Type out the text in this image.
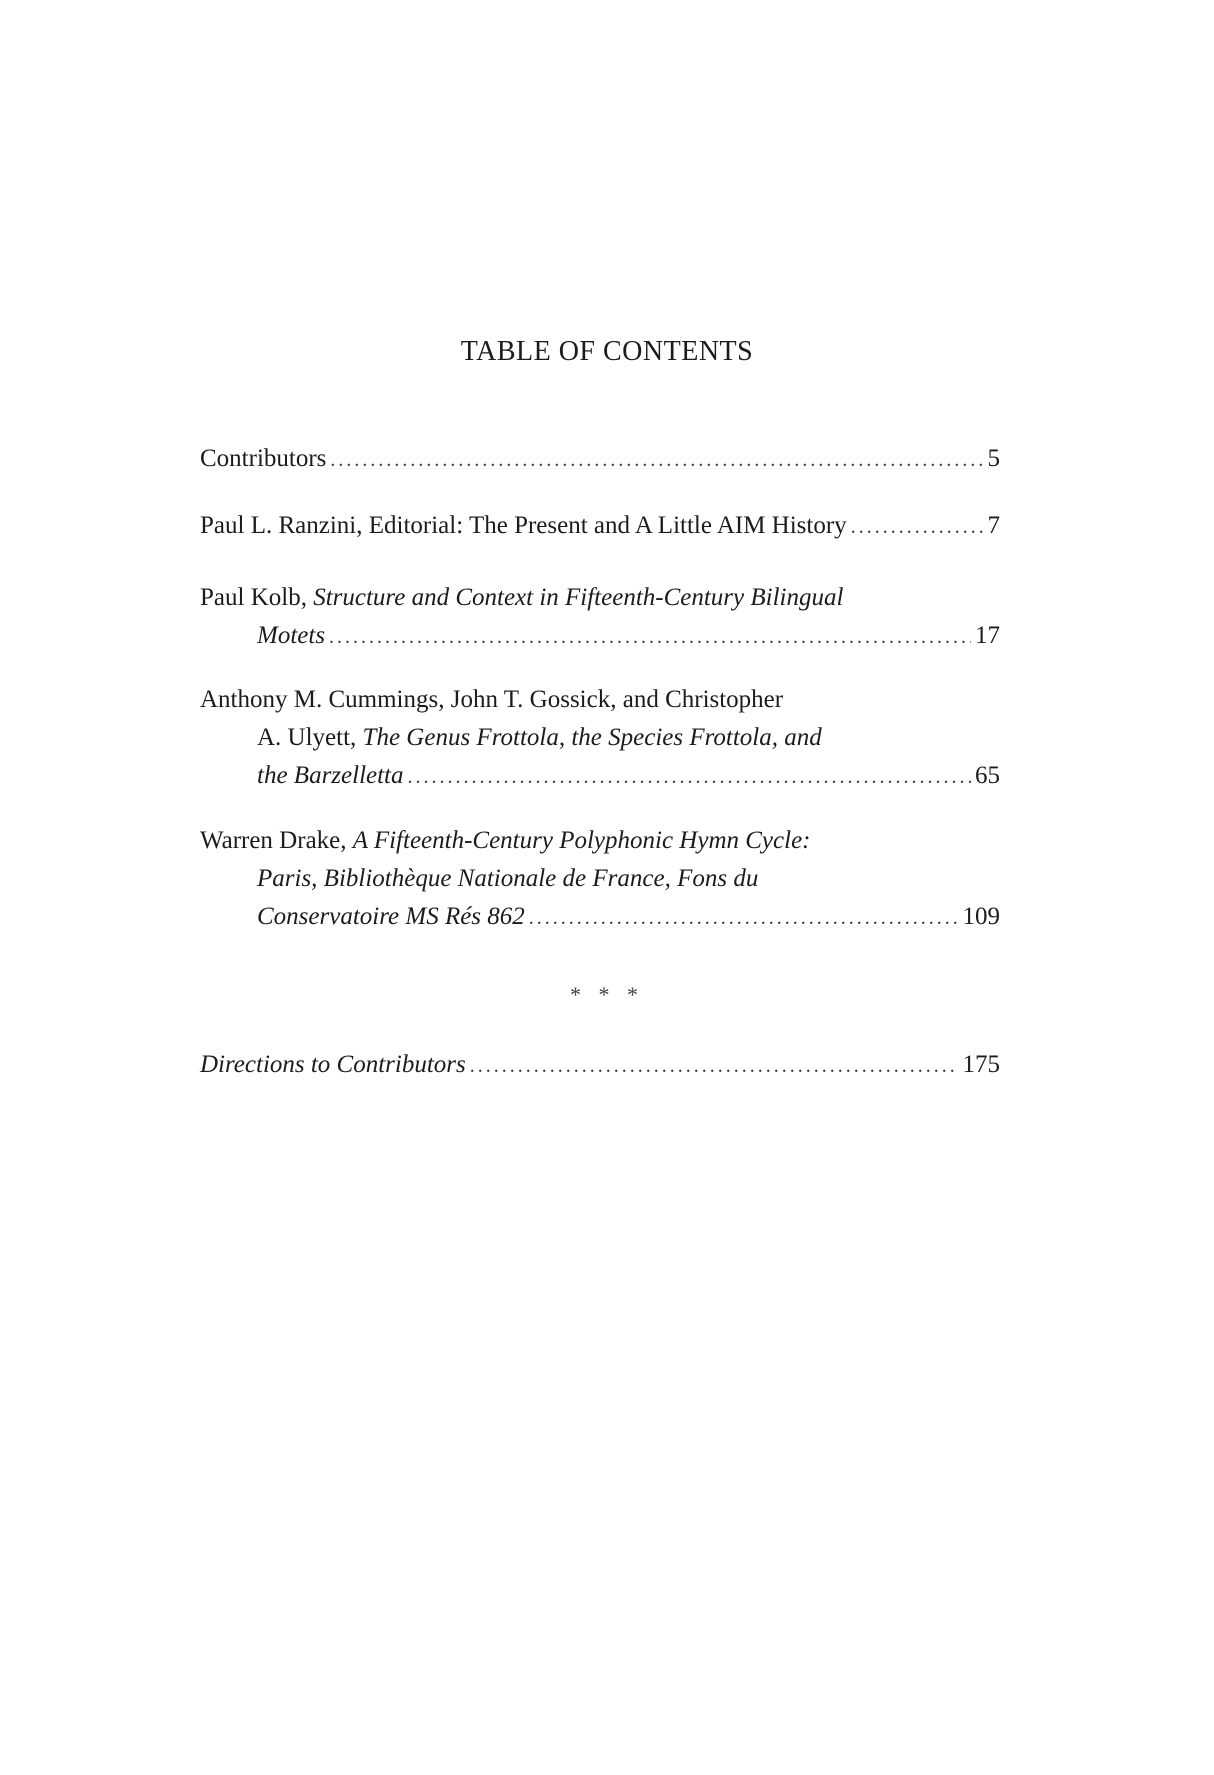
TABLE OF CONTENTS
Contributors .....	5
Paul L. Ranzini, Editorial: The Present and A Little AIM History .....	7
Paul Kolb, Structure and Context in Fifteenth-Century Bilingual
Motets .....	17
Anthony M. Cummings, John T. Gossick, and Christopher
A. Ulyett, The Genus Frottola, the Species Frottola, and
the Barzelletta .....	65
Warren Drake, A Fifteenth-Century Polyphonic Hymn Cycle:
Paris, Bibliothèque Nationale de France, Fons du
Conservatoire MS Rés 862 .....	109
* * *
Directions to Contributors .....	175
